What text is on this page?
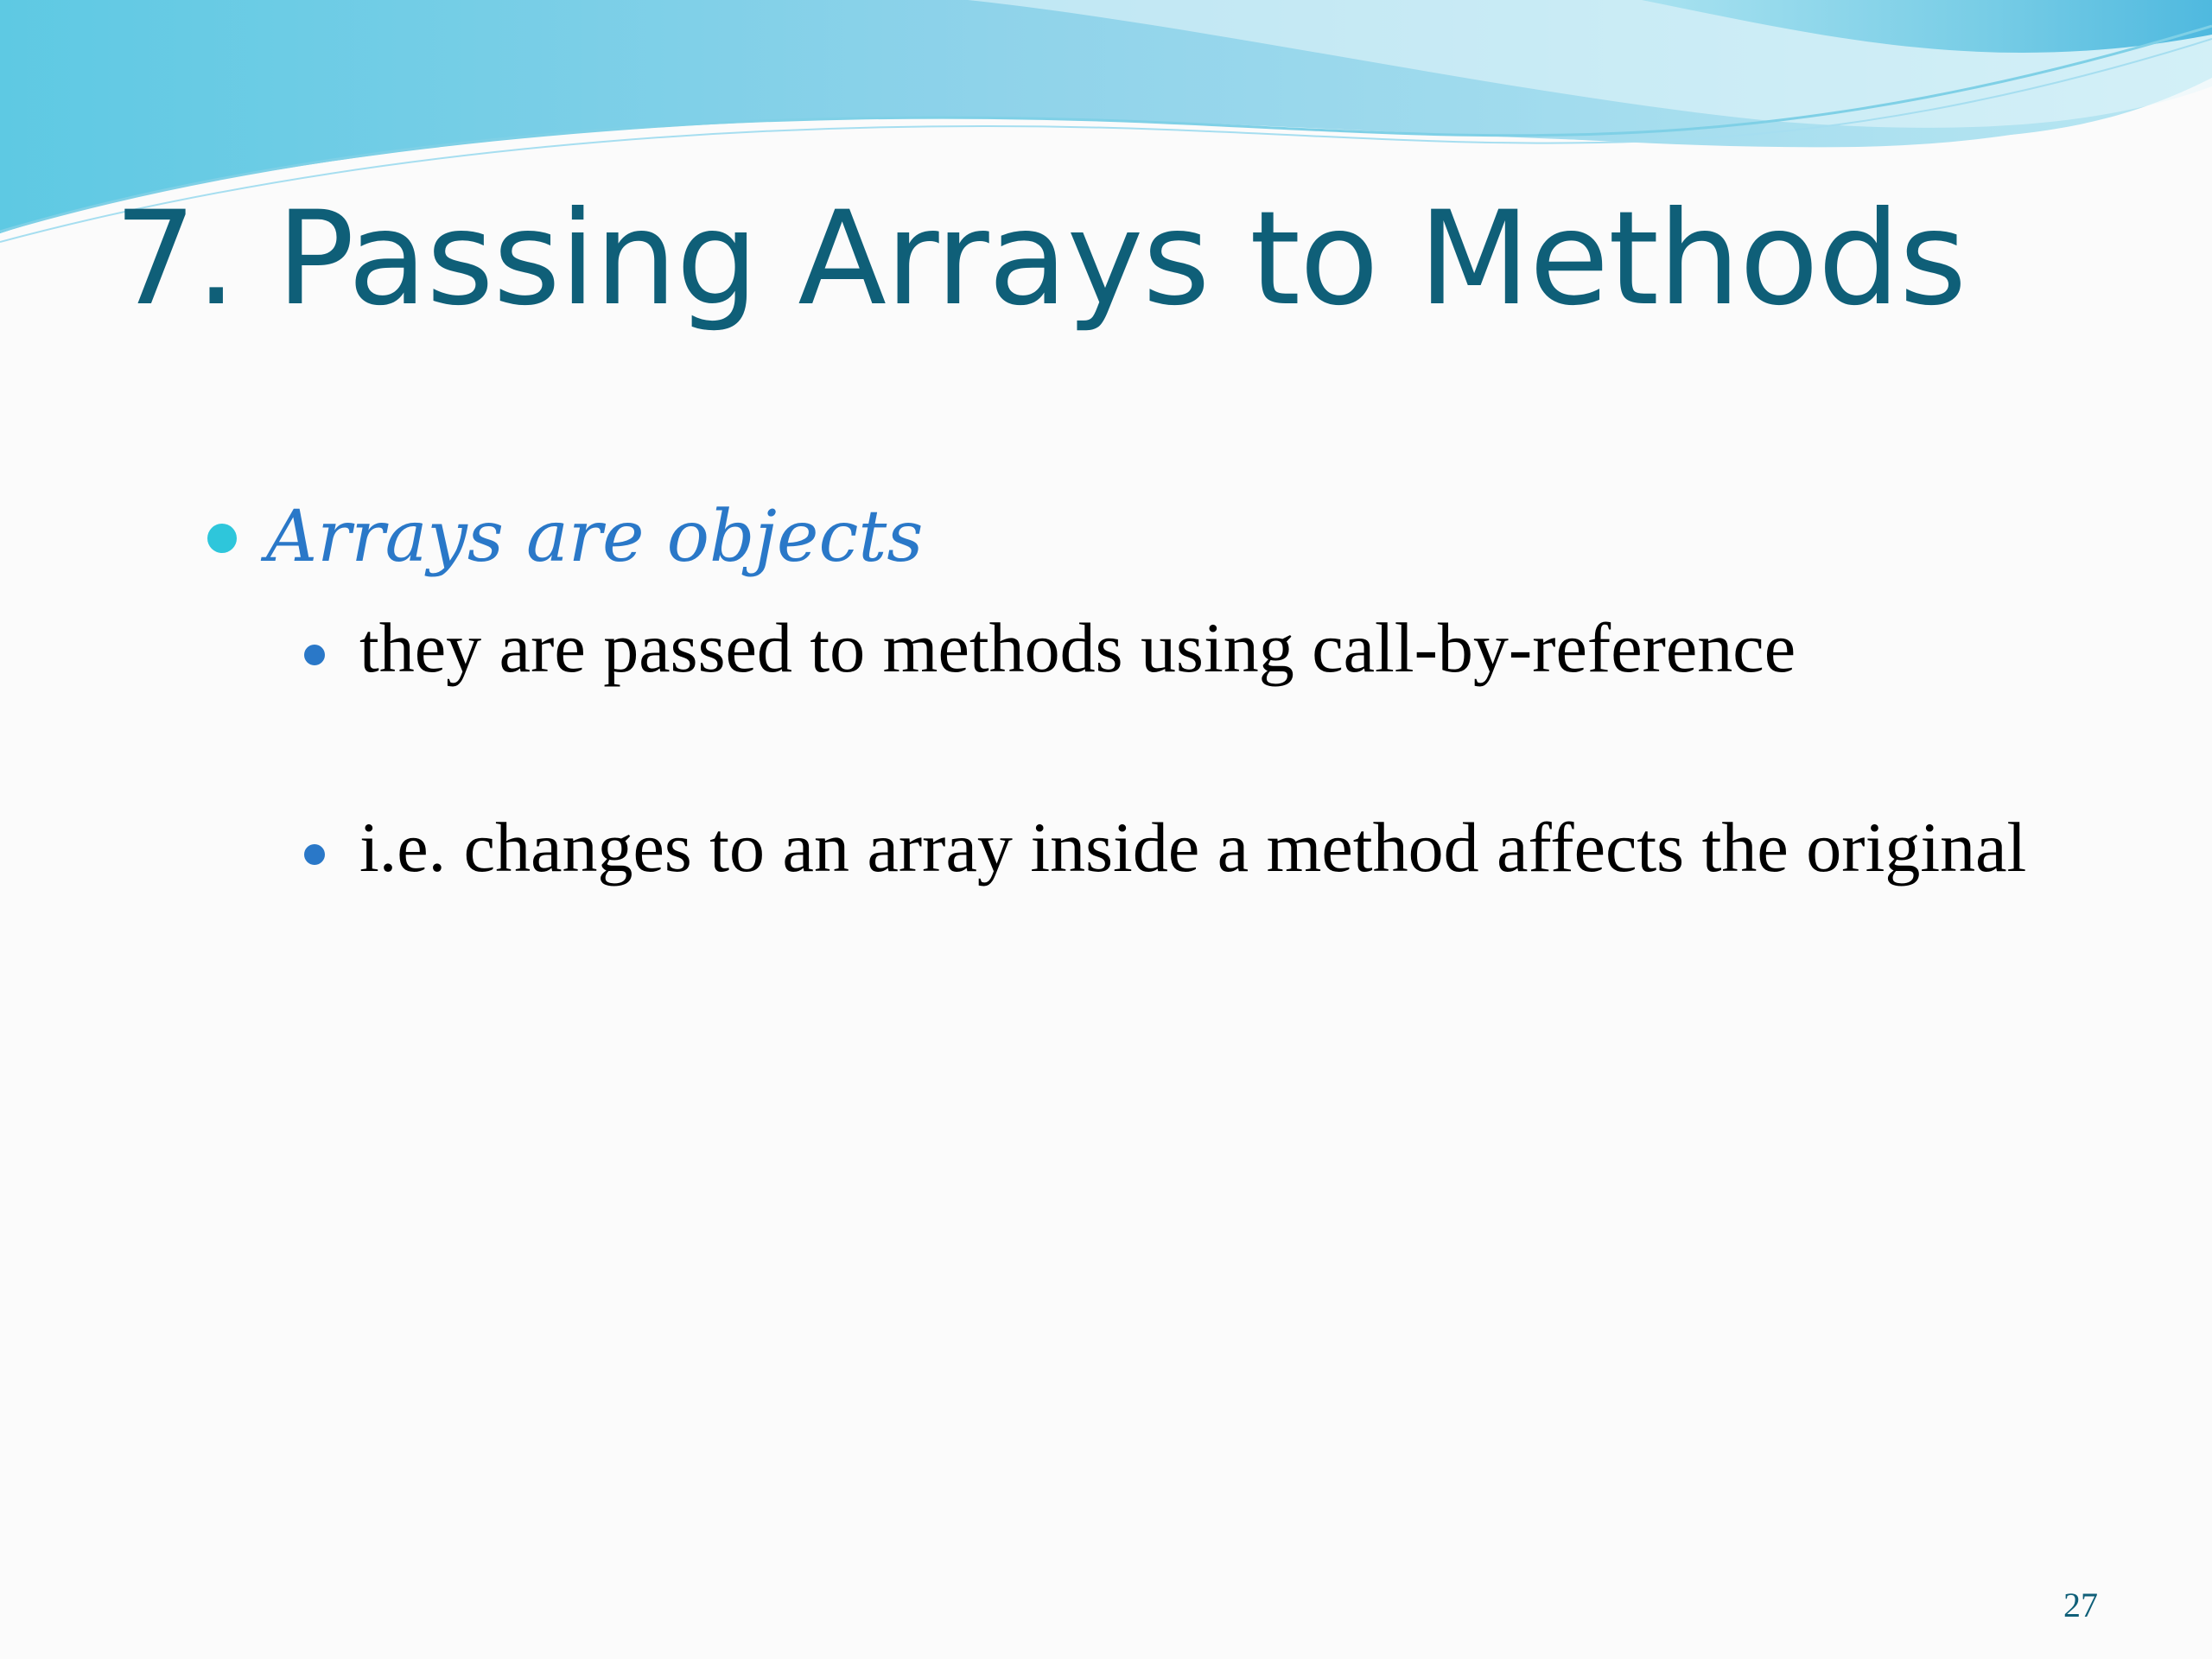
7. Passing Arrays to Methods
Arrays are objects
they are passed to methods using call-by-reference
i.e. changes to an array inside a method affects the original
27
